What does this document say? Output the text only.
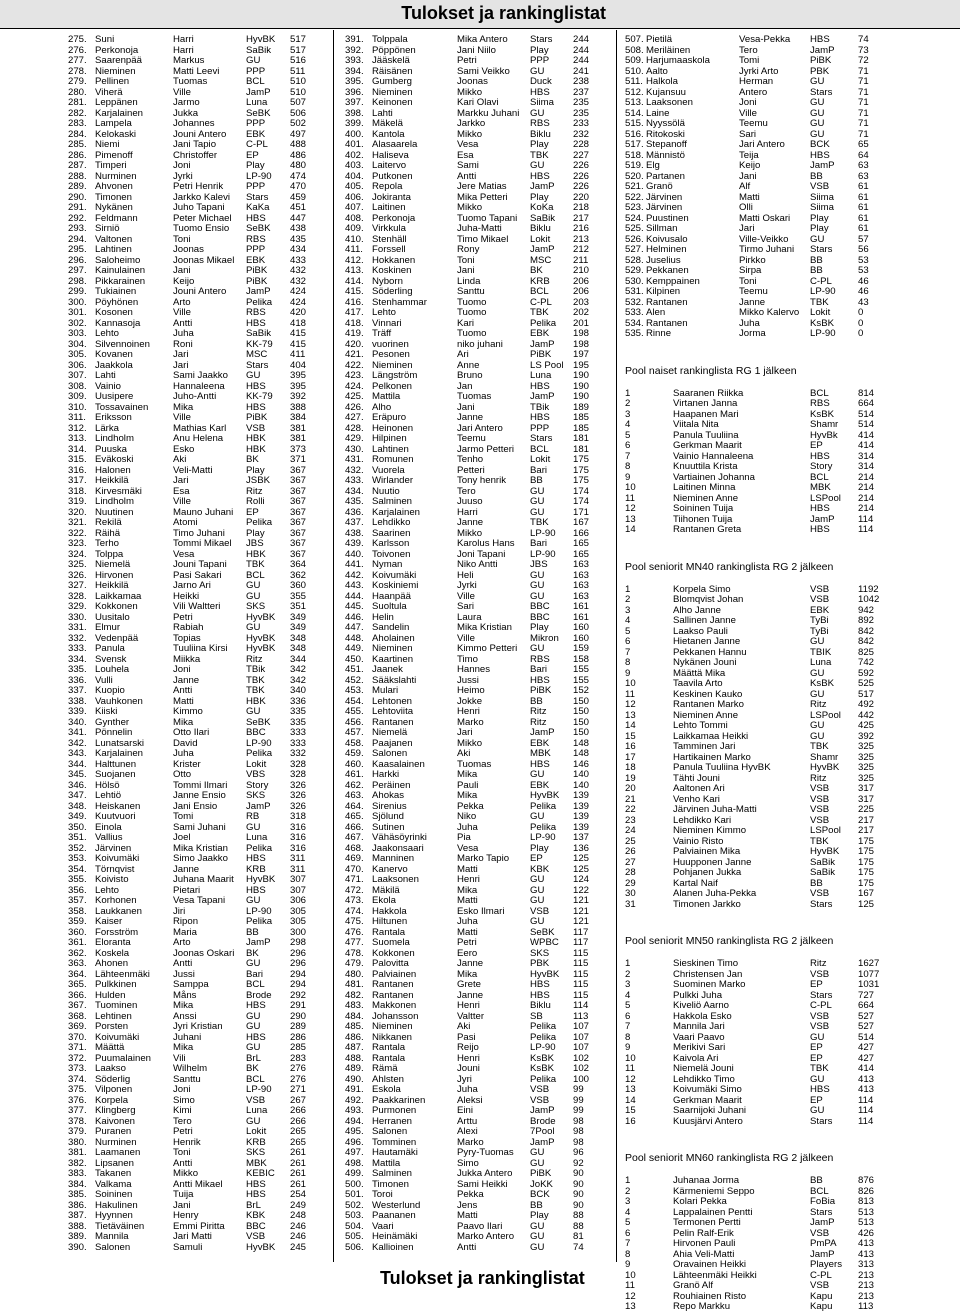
Tulokset ja rankinglistat
275. Suni	Harri	HyvBK 517
276. Perkonoja	Harri	SaBik 517
277. Saarenpää	Markus	GU	516
278. Nieminen	Matti Leevi	PPP	511
279. Pellinen	Tuomas	BCL	510
280. Viherä	Ville	JamP 510
281. Leppänen	Jarmo	Luna 507
282. Karjalainen	Jukka	SeBK 506
283. Lampela	Johannes	PPP	502
284. Kelokaski	Jouni Antero EBK	497
285. Niemi	Jani Tapio	C-PL 488
286. Pimenoff	Christoffer	EP	486
287. Timperi	Joni	Play	480
288. Nurminen	Jyrki	LP-90 474
289. Ahvonen	Petri Henrik PPP	470
290. Timonen	Jarkko Kalevi Stars 459
291. Nykänen	Juho Tapani KaKa 451
292. Feldmann	Peter Michael HBS	447
293. Sirniö	Tuomo Ensio SeBK 438
294. Valtonen	Toni	RBS	435
295. Lahtinen	Joonas	PPP	434
296. Saloheimo	Joonas Mikael EBK	433
297. Kainulainen	Jani	PiBK 432
298. Pikkarainen	Keijo	PiBK 432
299. Tukiainen	Jouni Antero JamP 424
300. Pöyhönen	Arto	Pelika 424
301. Kosonen	Ville	RBS	420
302. Kannasoja	Antti	HBS	418
303. Lehto	Juha	SaBik 415
304. Silvennoinen Roni	KK-79 415
305. Kovanen	Jari	MSC 411
306. Jaakkola	Jari	Stars 404
307. Lahti	Sami Jaakko GU	395
308. Vainio	Hannaleena HBS	395
309. Uusipere	Juho-Antti	KK-79 392
310. Tossavainen	Mika	HBS	388
311. Eriksson	Ville	PiBK 384
312. Lärka	Mathias Karl VSB	381
313. Lindholm	Anu Helena HBK	381
314. Puuska	Esko	HBK	373
315. Eväkoski	Aki	BK	371
316. Halonen	Veli-Matti	Play	367
317. Heikkilä	Jari	JSBK 367
318. Kirvesmäki	Esa	Ritz	367
319. Lindholm	Ville	Rolli	367
320. Nuutinen	Mauno Juhani EP	367
321. Rekilä	Atomi	Pelika 367
322. Räihä	Timo Juhani Play	367
323. Terho	Tommi Mikael JBS	367
324. Tolppa	Vesa	HBK	367
325. Niemelä	Jouni Tapani TBK	364
326. Hirvonen	Pasi Sakari	BCL	362
327. Heikkilä	Jarno Ari	GU	360
328. Laikkamaa	Heikki	GU	355
329. Kokkonen	Vili Waltteri	SKS	351
330. Uusitalo	Petri	HyvBK 349
331. Elmur	Rabiah	GU	349
332. Vedenpää	Topias	HyvBK 348
333. Panula	Tuuliina Kirsi HyvBK 348
334. Svensk	Miikka	Ritz	344
335. Louhela	Joni	TBik	342
336. Vulli	Janne	TBK	342
337. Kuopio	Antti	TBK	340
338. Vauhkonen	Matti	HBK	336
339. Kiiski	Kimmo	GU	335
340. Gynther	Mika	SeBK 335
341. Pönnelin	Otto Ilari	BBC	333
342. Lunatsarski	David	LP-90 333
343. Karjalainen	Juha	Pelika 332
344. Halttunen	Krister	Lokit 328
345. Suojanen	Otto	VBS	328
346. Hölsö	Tommi Ilmari Story 326
347. Lehtiö	Janne Ensio SKS	326
348. Heiskanen	Jani Ensio	JamP 326
349. Kuutvuori	Tomi	RB	318
350. Einola	Sami Juhani GU	316
351. Vallius	Joel	Luna 316
352. Järvinen	Mika Kristian Pelika 316
353. Koivumäki	Simo Jaakko HBS	311
354. Törnqvist	Janne	KRB	311
355. Koivisto	Juhana Maarit HyvBK 307
356. Lehto	Pietari	HBS	307
357. Korhonen	Vesa Tapani GU	306
358. Laukkanen	Jiri	LP-90 305
359. Kaiser	Ripon	Pelika 305
360. Forsström	Maria	BB	300
361. Eloranta	Arto	JamP 298
362. Koskela	Joonas Oskari BK	296
363. Ahonen	Antti	GU	296
364. Lähteenmäki Jussi	Bari	294
365. Pulkkinen	Samppa	BCL	294
366. Hulden	Måns	Brode 292
367. Tuominen	Mika	HBS	291
368. Lehtinen	Anssi	GU	290
369. Porsten	Jyri Kristian GU	289
370. Koivumäki	Juhani	HBS	286
371. Määttä	Mika	GU	285
372. Puumalainen Vili	BrL	283
373. Laakso	Wilhelm	BK	276
374. Söderlig	Santtu	BCL	276
375. Vilponen	Joni	LP-90 271
376. Korpela	Simo	VSB	267
377. Klingberg	Kimi	Luna 266
378. Kaivonen	Tero	GU	266
379. Puranen	Petri	Lokit 265
380. Nurminen	Henrik	KRB	265
381. Laamanen	Toni	SKS	261
382. Lipsanen	Antti	MBK 261
383. Takanen	Mikko	KEBIC 261
384. Valkama	Antti Mikael HBS	261
385. Soininen	Tuija	HBS	254
386. Hakulinen	Jani	BrL	249
387. Hyynnen	Henry	KBK	248
388. Tietäväinen	Emmi Piritta BBC	246
389. Mannila	Jari Matti	VSB	246
390. Salonen	Samuli	HyvBK 245
391. Tolppala	Mika Antero Stars 244
392. Pöppönen	Jani Niilo	Play	244
393. Jääskelä	Petri	PPP 244
394. Räisänen	Sami Veikko GU	241
395. Gumberg	Joonas	Duck 238
396. Nieminen	Mikko	HBS 237
397. Keinonen	Kari Olavi	Siima 235
398. Lahti	Markku Juhani GU	235
399. Mäkelä	Jarkko	RBS 233
400. Kantola	Mikko	Biklu 232
401. Alasaarela	Vesa	Play	228
402. Haliseva	Esa	TBK	227
403. Laitervo	Sami	GU	226
404. Putkonen	Antti	HBS 226
405. Repola	Jere Matias JamP 226
406. Jokiranta	Mika Petteri Play	220
407. Laitinen	Mikko	KoKa 218
408. Perkonoja	Tuomo Tapani SaBik 217
409. Virkkula	Juha-Matti	Biklu 216
410. Stenhäll	Timo Mikael Lokit 213
411. Forssell	Rony	JamP 212
412. Hokkanen	Toni	MSC 211
413. Koskinen	Jani	BK	210
414. Nyborn	Linda	KRB 206
415. Söderling	Santtu	BCL	206
416. Stenhammar	Tuomo	C-PL 203
417. Lehto	Tuomo	TBK	202
418. Vinnari	Kari	Pelika 201
419. Träff	Tuomo	EBK 198
420. vuorinen	niko juhani	JamP 198
421. Pesonen	Ari	PiBK 197
422. Nieminen	Anne	LS Pool 195
423. Längström	Bruno	Luna 190
424. Pelkonen	Jan	HBS 190
425. Mattila	Tuomas	JamP 190
426. Alho	Jani	TBik 189
427. Eräpuro	Janne	HBS 185
428. Heinonen	Jari Antero	PPP 185
429. Hilpinen	Teemu	Stars 181
430. Lahtinen	Jarmo Petteri BCL	181
431. Romunen	Tenho	Lokit 175
432. Vuorela	Petteri	Bari	175
433. Wirlander	Tony henrik BB	175
434. Nuutio	Tero	GU	174
435. Salminen	Juuso	GU	174
436. Karjalainen	Harri	GU	171
437. Lehdikko	Janne	TBK	167
438. Saarinen	Mikko	LP-90 166
439. Karlsson	Karolus Hans Bari	165
440. Toivonen	Joni Tapani	LP-90 165
441. Nyman	Niko Antti	JBS	163
442. Koivumäki	Heli	GU	163
443. Koskiniemi	Jyrki	GU	163
444. Haanpää	Ville	GU	163
445. Suoltula	Sari	BBC 161
446. Helin	Laura	BBC 161
447. Sandelin	Mika Kristian Play	160
448. Aholainen	Ville	Mikron 160
449. Nieminen	Kimmo Petteri GU	159
450. Kaartinen	Timo	RBS 158
451. Jaanek	Hannes	Bari	155
452. Sääkslahti	Jussi	HBS 155
453. Mulari	Heimo	PiBK 152
454. Lehtonen	Jokke	BB	150
455. Lehtoviita	Henri	Ritz	150
456. Rantanen	Marko	Ritz	150
457. Niemelä	Jari	JamP 150
458. Paajanen	Mikko	EBK 148
459. Salonen	Aki	MBK 148
460. Kaasalainen	Tuomas	HBS 146
461. Harkki	Mika	GU	140
462. Peräinen	Pauli	EBK 140
463. Ahokas	Mika	HyvBK 139
464. Sirenius	Pekka	Pelika 139
465. Sjölund	Niko	GU	139
466. Sutinen	Juha	Pelika 139
467. Vähäsöyrinki	Pia	LP-90 137
468. Jaakonsaari	Vesa	Play	136
469. Manninen	Marko Tapio EP	125
470. Kanervo	Matti	KBK 125
471. Laaksonen	Henri	GU	124
472. Mäkilä	Mika	GU	122
473. Ekola	Matti	GU	121
474. Hakkola	Esko Ilmari	VSB 121
475. Hiltunen	Juha	GU	121
476. Rantala	Matti	SeBK 117
477. Suomela	Petri	WPBC 117
478. Kokkonen	Eero	SKS 115
479. Palovitta	Janne	PBK 115
480. Palviainen	Mika	HyvBK 115
481. Rantanen	Grete	HBS 115
482. Rantanen	Janne	HBS 115
483. Makkonen	Henri	Biklu 114
484. Johansson	Valtter	SB	113
485. Nieminen	Aki	Pelika 107
486. Nikkanen	Pasi	Pelika 107
487. Rantala	Reijo	LP-90 107
488. Rantala	Henri	KsBK 102
489. Rämä	Jouni	KsBK 102
490. Ahlsten	Jyri	Pelika 100
491. Eskola	Juha	VSB 99
492. Paakkarinen	Aleksi	VSB 99
493. Purmonen	Eini	JamP 99
494. Herranen	Arttu	Brode 98
495. Salonen	Alexi	7Pool 98
496. Tomminen	Marko	JamP 98
497. Hautamäki	Pyry-Tuomas GU	96
498. Mattila	Simo	GU	92
499. Salminen	Jukka Antero PiBK 90
500. Timonen	Sami Heikki JoKK 90
501. Toroi	Pekka	BCK 90
502. Westerlund	Jens	BB	90
503. Paananen	Matti	Play	88
504. Vaari	Paavo Ilari	GU	88
505. Heinämäki	Marko Antero GU	81
506. Kallioinen	Antti	GU	74
507. Pietilä	Vesa-Pekka HBS	74
508. Meriläinen	Tero	JamP 73
509. Harjumaaskola	Tomi	PiBK	72
510. Aalto	Jyrki Arto	PBK	71
511. Halkola	Herman	GU	71
512. Kujansuu	Antero	Stars	71
513. Laaksonen	Joni	GU	71
514. Laine	Ville	GU	71
515. Nyyssölä	Teemu	GU	71
516. Ritokoski	Sari	GU	71
517. Stepanoff	Jari Antero	BCK	65
518. Männistö	Teija	HBS	64
519. Elg	Keijo	JamP 63
520. Partanen	Jani	BB	63
521. Granö	Alf	VSB	61
522. Järvinen	Matti	Siima	61
523. Järvinen	Olli	Siima	61
524. Puustinen	Matti Oskari Play	61
525. Sillman	Jari	Play	61
526. Koivusalo	Ville-Veikko GU	57
527. Helminen	Tirmo Juhani Stars	56
528. Juselius	Pirkko	BB	53
529. Pekkanen	Sirpa	BB	53
530. Kemppainen	Toni	C-PL	46
531. Kilpinen	Teemu	LP-90 46
532. Rantanen	Janne	TBK	43
533. Alen	Mikko Kalervo Lokit	0
534. Rantanen	Juha	KsBK	0
535. Rinne	Jorma	LP-90 0
Pool naiset rankinglista RG 1 jälkeen
1	Saaranen Riikka	BCL	814
2	Virtanen Janna	RBS	664
3	Haapanen Mari	KsBK	514
4	Viitala Nita	Shamr 514
5	Panula Tuuliina	HyvBk 414
6	Gerkman Maarit	EP	414
7	Vainio Hannaleena	HBS	314
8	Knuuttila Krista	Story	314
9	Vartiainen Johanna	BCL	214
10	Laitinen Minna	MBK	214
11	Nieminen Anne	LSPool 214
12	Soininen Tuija	HBS	214
13	Tiihonen Tuija	JamP 114
14	Rantanen Greta	HBS	114
Pool seniorit MN40 rankinglista RG 2 jälkeen
1	Korpela Simo	VSB	1192
2	Blomqvist Johan	VSB	1042
3	Alho Janne	EBK	942
4	Sallinen Janne	TyBi	892
5	Laakso Pauli	TyBi	842
6	Hietanen Janne	GU	842
7	Pekkanen Hannu	TBIK	825
8	Nykänen Jouni	Luna	742
9	Määttä Mika	GU	592
10	Taavila Arto	KsBK	525
11	Keskinen Kauko	GU	517
12	Rantanen Marko	Ritz	492
13	Nieminen Anne	LSPool 442
14	Lehto Tommi	GU	425
15	Laikkamaa Heikki	GU	392
16	Tamminen Jari	TBK	325
17	Hartikainen Marko	Shamr 325
18	Panula Tuuliina HyvBK	HyvBK 325
19	Tähti Jouni	Ritz	325
20	Aaltonen Ari	VSB	317
21	Venho Kari	VSB	317
22	Järvinen Juha-Matti	VSB	225
23	Lehdikko Kari	VSB	217
24	Nieminen Kimmo	LSPool 217
25	Vainio Risto	TBK	175
26	Palviainen Mika	HyvBK 175
27	Huupponen Janne	SaBik 175
28	Pohjanen Jukka	SaBik 175
29	Kartal Naif	BB	175
30	Alanen Juha-Pekka	VSB	167
31	Timonen Jarkko	Stars	125
Pool seniorit MN50 rankinglista RG 2 jälkeen
1	Sieskinen Timo	Ritz	1627
2	Christensen Jan	VSB	1077
3	Suominen Marko	EP	1031
4	Pulkki Juha	Stars	727
5	Kiveliö Aarno	C-PL	664
6	Hakkola Esko	VSB	527
7	Mannila Jari	VSB	527
8	Vaari Paavo	GU	514
9	Merikivi Sari	EP	427
10	Kaivola Ari	EP	427
11	Niemelä Jouni	TBK	414
12	Lehdikko Timo	GU	413
13	Koivumäki Simo	HBS	413
14	Gerkman Maarit	EP	114
15	Saarnijoki Juhani	GU	114
16	Kuusjärvi Antero	Stars	114
Pool seniorit MN60 rankinglista RG 2 jälkeen
1	Juhanaa Jorma	BB	876
2	Kärmeniemi Seppo	BCL	826
3	Kolari Pekka	FoBia 813
4	Lappalainen Pentti	Stars	513
5	Termonen Pertti	JamP 513
6	Pelin Ralf-Erik	VSB	426
7	Hirvonen Pauli	PmPA 413
8	Ahia Veli-Matti	JamP 413
9	Oravainen Heikki	Players 313
10	Lähteenmäki Heikki	C-PL	213
11	Granö Alf	VSB	213
12	Rouhiainen Risto	Kapu	213
13	Repo Markku	Kapu	113
Tulokset ja rankinglistat
